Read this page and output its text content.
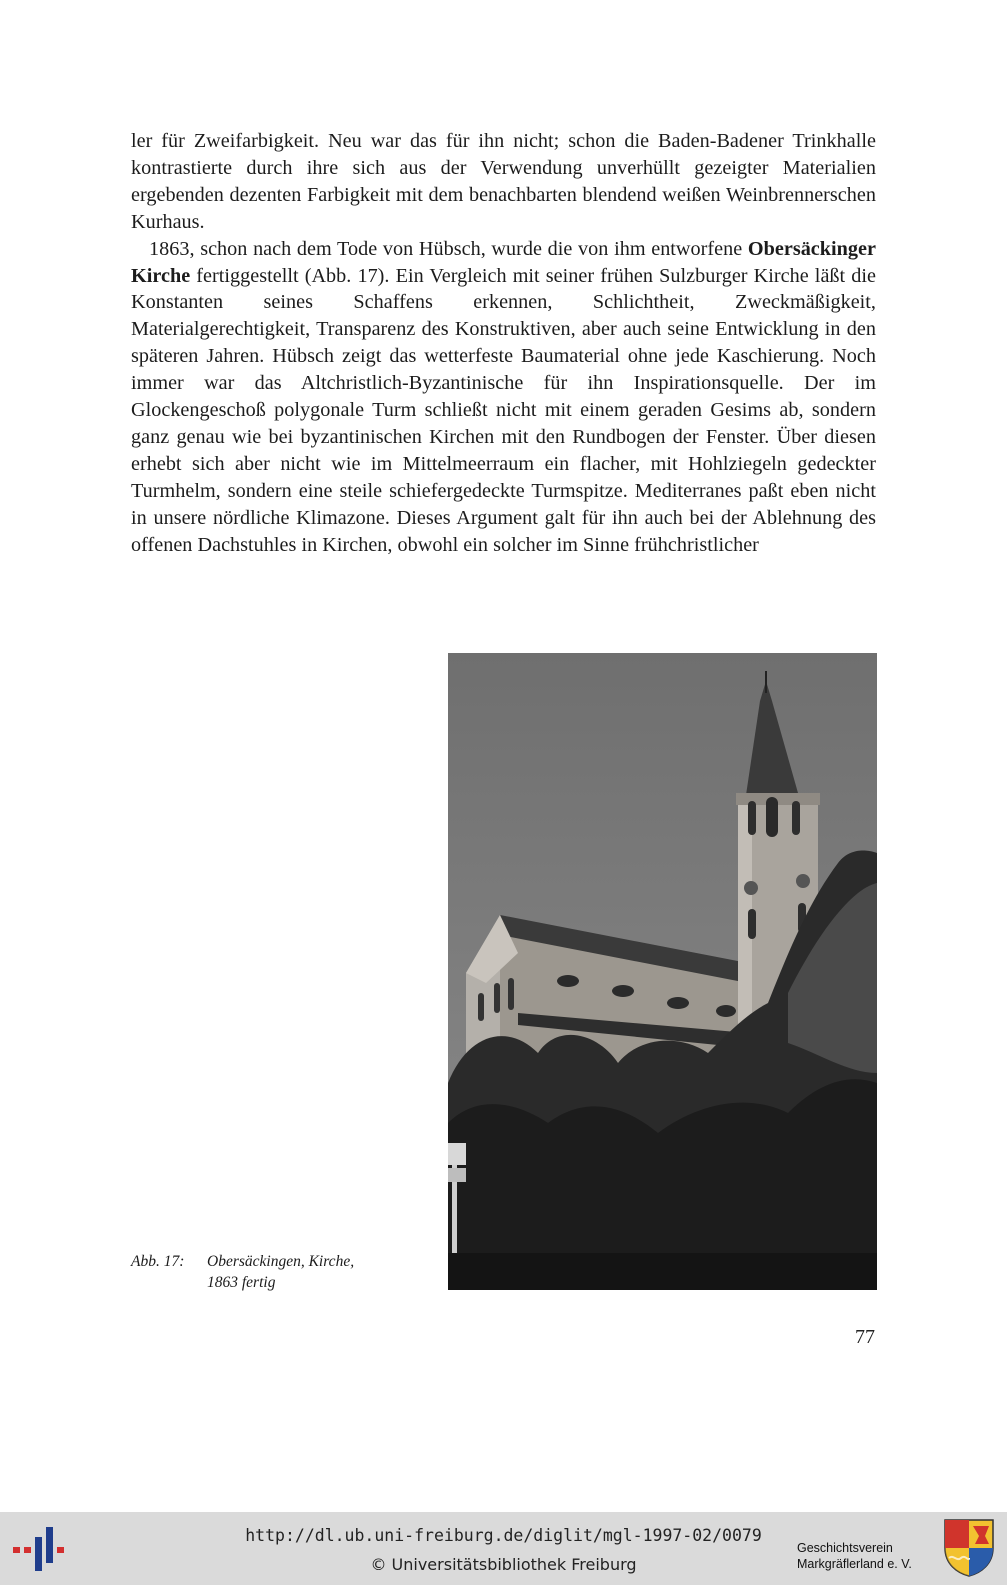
ler für Zweifarbigkeit. Neu war das für ihn nicht; schon die Baden-Badener Trinkhalle kontrastierte durch ihre sich aus der Verwendung unverhüllt gezeigter Materialien ergebenden dezenten Farbigkeit mit dem benachbarten blendend weißen Weinbrennerschen Kurhaus.

1863, schon nach dem Tode von Hübsch, wurde die von ihm entworfene Obersäckinger Kirche fertiggestellt (Abb. 17). Ein Vergleich mit seiner frühen Sulzburger Kirche läßt die Konstanten seines Schaffens erkennen, Schlichtheit, Zweckmäßigkeit, Materialgerechtigkeit, Transparenz des Konstruktiven, aber auch seine Entwicklung in den späteren Jahren. Hübsch zeigt das wetterfeste Baumaterial ohne jede Kaschierung. Noch immer war das Altchristlich-Byzantinische für ihn Inspirationsquelle. Der im Glockengeschoß polygonale Turm schließt nicht mit einem geraden Gesims ab, sondern ganz genau wie bei byzantinischen Kirchen mit den Rundbogen der Fenster. Über diesen erhebt sich aber nicht wie im Mittelmeerraum ein flacher, mit Hohlziegeln gedeckter Turmhelm, sondern eine steile schiefergedeckte Turmspitze. Mediterranes paßt eben nicht in unsere nördliche Klimazone. Dieses Argument galt für ihn auch bei der Ablehnung des offenen Dachstuhles in Kirchen, obwohl ein solcher im Sinne frühchristlicher

Abb. 17: Obersäckingen, Kirche,
1863 fertig
77
http://dl.ub.uni-freiburg.de/diglit/mgl-1997-02/0079
© Universitätsbibliothek Freiburg
Geschichtsverein
Markgräflerland e. V.
